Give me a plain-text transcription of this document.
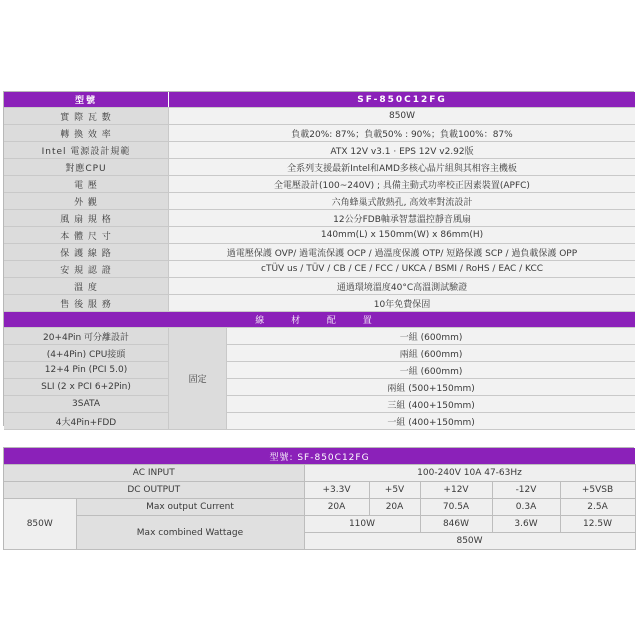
型號	SF-850C12FG	
實 際 瓦 數	850W	
轉 換 效 率	負載20%: 87%；負載50% : 90%；負載100%：87%	
Intel 電源設計規範	ATX 12V v3.1 · EPS 12V v2.92版	
對應CPU	全系列支援最新Intel和AMD多核心晶片組與其相容主機板	
電 壓	全電壓設計(100~240V) ; 具備主動式功率校正因素裝置(APFC)	
外 觀	六角蜂巢式散熱孔, 高效率對流設計	
風 扇 規 格	12公分FDB軸承智慧溫控靜音風扇	
本 體 尺 寸	140mm(L) x 150mm(W) x 86mm(H)	
保 護 線 路	過電壓保護 OVP/ 過電流保護 OCP / 過溫度保護 OTP/ 短路保護 SCP / 過負載保護 OPP	
安 規 認 證	cTÜV us / TÜV / CB / CE / FCC / UKCA / BSMI / RoHS / EAC / KCC	
溫 度	通過環境溫度40°C高溫測試驗證	
售 後 服 務	10年免費保固	
線 材 配 置		
20+4Pin 可分離設計	固定	一組 (600mm)
(4+4Pin) CPU接頭		兩組 (600mm)
12+4 Pin (PCI 5.0)		一組 (600mm)
SLI (2 x PCI 6+2Pin)		兩組 (500+150mm)
3SATA		三組 (400+150mm)
4大4Pin+FDD		一組 (400+150mm)
型號: SF-850C12FG						
AC INPUT		100-240V 10A 47-63Hz				
DC OUTPUT		+3.3V	+5V	+12V	-12V	+5VSB
850W	Max output Current	20A	20A	70.5A	0.3A	2.5A
	Max combined Wattage	110W		846W	3.6W	12.5W
		850W				
